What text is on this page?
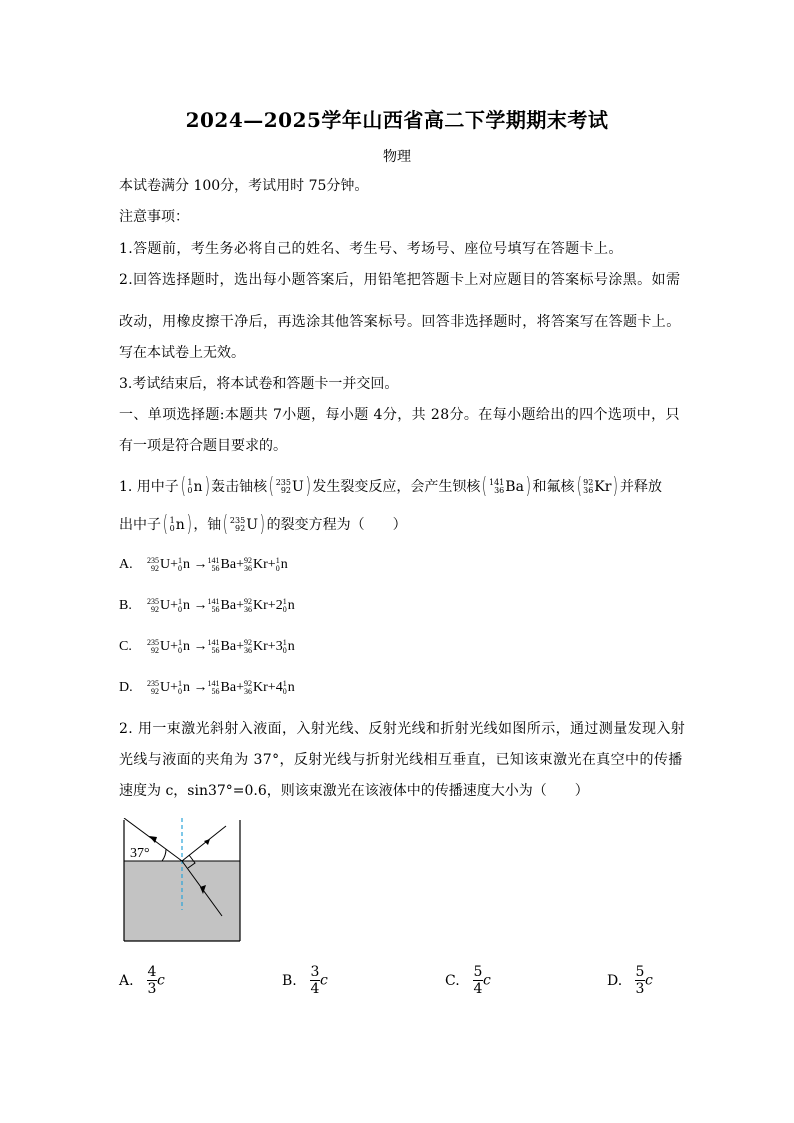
2024—2025学年山西省高二下学期期末考试
物理
本试卷满分 100分，考试用时 75分钟。
注意事项：
1.答题前，考生务必将自己的姓名、考生号、考场号、座位号填写在答题卡上。
2.回答选择题时，选出每小题答案后，用铅笔把答题卡上对应题目的答案标号涂黑。如需
改动，用橡皮擦干净后，再选涂其他答案标号。回答非选择题时，将答案写在答题卡上。
写在本试卷上无效。
3.考试结束后，将本试卷和答题卡一并交回。
一、单项选择题:本题共 7小题，每小题 4分，共 28分。在每小题给出的四个选项中，只
有一项是符合题目要求的。
1. 用中子( 1
0 n ) 轰击铀核( 235
92 U ) 发生裂变反应，会产生钡核( 141
36 Ba ) 和氟核( 92
36 Kr ) 并释放
出中子( 1
0 n ) ，铀( 235
92 U ) 的裂变方程为（　　）
A. 235
92 U + 1
0 n → 141
56 Ba + 92
36 Kr + 1
0 n
B. 235
92 U + 1
0 n → 141
56 Ba + 92
36 Kr +2 1
0 n
C. 235
92 U + 1
0 n → 141
56 Ba + 92
36 Kr +3 1
0 n
D. 235
92 U + 1
0 n → 141
56 Ba + 92
36 Kr +4 1
0 n
2. 用一束激光斜射入液面，入射光线、反射光线和折射光线如图所示，通过测量发现入射
光线与液面的夹角为 37°，反射光线与折射光线相互垂直，已知该束激光在真空中的传播
速度为 c，sin37°=0.6，则该束激光在该液体中的传播速度大小为（　　）
37°
A. $\frac{4}{3}$ c	B. $\frac{3}{4}$ c	C. $\frac{5}{4}$ c	D. $\frac{5}{3}$ c
